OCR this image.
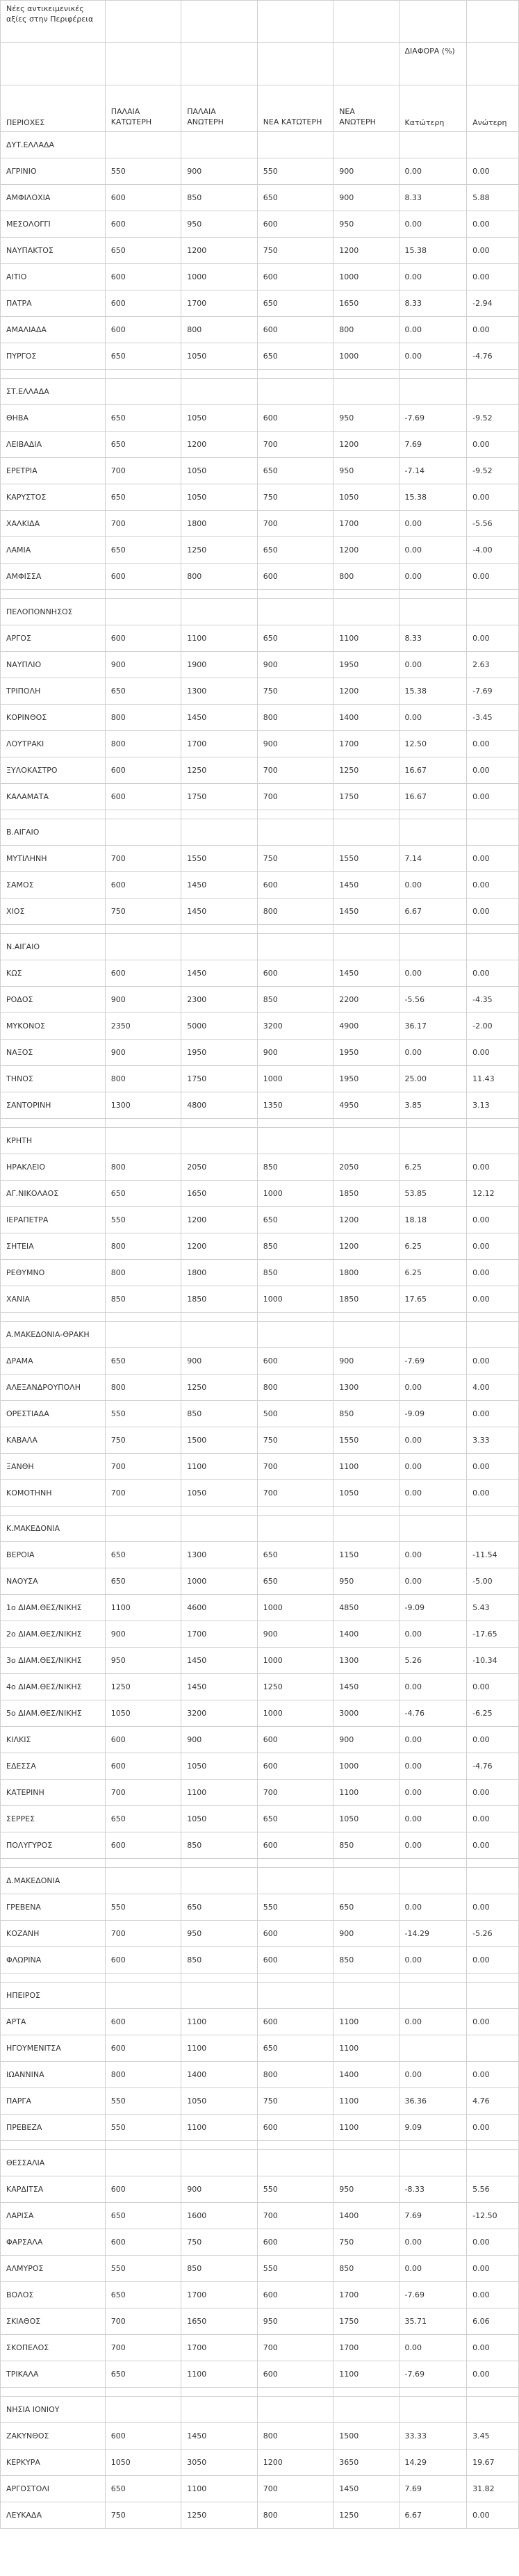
Νέες αντικειμενικές αξίες στην Περιφέρεια						
					ΔΙΑΦΟΡΑ (%)	
ΠΕΡΙΟΧΕΣ	ΠΑΛΑΙΑ ΚΑΤΩΤΕΡΗ	ΠΑΛΑΙΑ ΑΝΩΤΕΡΗ	ΝΕΑ ΚΑΤΩΤΕΡΗ	ΝΕΑ ΑΝΩΤΕΡΗ	Κατώτερη	Ανώτερη
ΔΥΤ.ΕΛΛΑΔΑ						
ΑΓΡΙΝΙΟ	550	900	550	900	0.00	0.00
ΑΜΦΙΛΟΧΙΑ	600	850	650	900	8.33	5.88
ΜΕΣΟΛΟΓΓΙ	600	950	600	950	0.00	0.00
ΝΑΥΠΑΚΤΟΣ	650	1200	750	1200	15.38	0.00
ΑΙΤΙΟ	600	1000	600	1000	0.00	0.00
ΠΑΤΡΑ	600	1700	650	1650	8.33	-2.94
ΑΜΑΛΙΑΔΑ	600	800	600	800	0.00	0.00
ΠΥΡΓΟΣ	650	1050	650	1000	0.00	-4.76

ΣΤ.ΕΛΛΑΔΑ						
ΘΗΒΑ	650	1050	600	950	-7.69	-9.52
ΛΕΙΒΑΔΙΑ	650	1200	700	1200	7.69	0.00
ΕΡΕΤΡΙΑ	700	1050	650	950	-7.14	-9.52
ΚΑΡΥΣΤΟΣ	650	1050	750	1050	15.38	0.00
ΧΑΛΚΙΔΑ	700	1800	700	1700	0.00	-5.56
ΛΑΜΙΑ	650	1250	650	1200	0.00	-4.00
ΑΜΦΙΣΣΑ	600	800	600	800	0.00	0.00

ΠΕΛΟΠΟΝΝΗΣΟΣ						
ΑΡΓΟΣ	600	1100	650	1100	8.33	0.00
ΝΑΥΠΛΙΟ	900	1900	900	1950	0.00	2.63
ΤΡΙΠΟΛΗ	650	1300	750	1200	15.38	-7.69
ΚΟΡΙΝΘΟΣ	800	1450	800	1400	0.00	-3.45
ΛΟΥΤΡΑΚΙ	800	1700	900	1700	12.50	0.00
ΞΥΛΟΚΑΣΤΡΟ	600	1250	700	1250	16.67	0.00
ΚΑΛΑΜΑΤΑ	600	1750	700	1750	16.67	0.00

Β.ΑΙΓΑΙΟ						
ΜΥΤΙΛΗΝΗ	700	1550	750	1550	7.14	0.00
ΣΑΜΟΣ	600	1450	600	1450	0.00	0.00
ΧΙΟΣ	750	1450	800	1450	6.67	0.00

Ν.ΑΙΓΑΙΟ						
ΚΩΣ	600	1450	600	1450	0.00	0.00
ΡΟΔΟΣ	900	2300	850	2200	-5.56	-4.35
ΜΥΚΟΝΟΣ	2350	5000	3200	4900	36.17	-2.00
ΝΑΞΟΣ	900	1950	900	1950	0.00	0.00
ΤΗΝΟΣ	800	1750	1000	1950	25.00	11.43
ΣΑΝΤΟΡΙΝΗ	1300	4800	1350	4950	3.85	3.13

ΚΡΗΤΗ						
ΗΡΑΚΛΕΙΟ	800	2050	850	2050	6.25	0.00
ΑΓ.ΝΙΚΟΛΑΟΣ	650	1650	1000	1850	53.85	12.12
ΙΕΡΑΠΕΤΡΑ	550	1200	650	1200	18.18	0.00
ΣΗΤΕΙΑ	800	1200	850	1200	6.25	0.00
ΡΕΘΥΜΝΟ	800	1800	850	1800	6.25	0.00
ΧΑΝΙΑ	850	1850	1000	1850	17.65	0.00

Α.ΜΑΚΕΔΟΝΙΑ-ΘΡΑΚΗ						
ΔΡΑΜΑ	650	900	600	900	-7.69	0.00
ΑΛΕΞΑΝΔΡΟΥΠΟΛΗ	800	1250	800	1300	0.00	4.00
ΟΡΕΣΤΙΑΔΑ	550	850	500	850	-9.09	0.00
ΚΑΒΑΛΑ	750	1500	750	1550	0.00	3.33
ΞΑΝΘΗ	700	1100	700	1100	0.00	0.00
ΚΟΜΟΤΗΝΗ	700	1050	700	1050	0.00	0.00

Κ.ΜΑΚΕΔΟΝΙΑ						
ΒΕΡΟΙΑ	650	1300	650	1150	0.00	-11.54
ΝΑΟΥΣΑ	650	1000	650	950	0.00	-5.00
1ο ΔΙΑΜ.ΘΕΣ/ΝΙΚΗΣ	1100	4600	1000	4850	-9.09	5.43
2ο ΔΙΑΜ.ΘΕΣ/ΝΙΚΗΣ	900	1700	900	1400	0.00	-17.65
3ο ΔΙΑΜ.ΘΕΣ/ΝΙΚΗΣ	950	1450	1000	1300	5.26	-10.34
4ο ΔΙΑΜ.ΘΕΣ/ΝΙΚΗΣ	1250	1450	1250	1450	0.00	0.00
5ο ΔΙΑΜ.ΘΕΣ/ΝΙΚΗΣ	1050	3200	1000	3000	-4.76	-6.25
ΚΙΛΚΙΣ	600	900	600	900	0.00	0.00
ΕΔΕΣΣΑ	600	1050	600	1000	0.00	-4.76
ΚΑΤΕΡΙΝΗ	700	1100	700	1100	0.00	0.00
ΣΕΡΡΕΣ	650	1050	650	1050	0.00	0.00
ΠΟΛΥΓΥΡΟΣ	600	850	600	850	0.00	0.00

Δ.ΜΑΚΕΔΟΝΙΑ						
ΓΡΕΒΕΝΑ	550	650	550	650	0.00	0.00
ΚΟΖΑΝΗ	700	950	600	900	-14.29	-5.26
ΦΛΩΡΙΝΑ	600	850	600	850	0.00	0.00

ΗΠΕΙΡΟΣ						
ΑΡΤΑ	600	1100	600	1100	0.00	0.00
ΗΓΟΥΜΕΝΙΤΣΑ	600	1100	650	1100		
ΙΩΑΝΝΙΝΑ	800	1400	800	1400	0.00	0.00
ΠΑΡΓΑ	550	1050	750	1100	36.36	4.76
ΠΡΕΒΕΖΑ	550	1100	600	1100	9.09	0.00

ΘΕΣΣΑΛΙΑ						
ΚΑΡΔΙΤΣΑ	600	900	550	950	-8.33	5.56
ΛΑΡΙΣΑ	650	1600	700	1400	7.69	-12.50
ΦΑΡΣΑΛΑ	600	750	600	750	0.00	0.00
ΑΛΜΥΡΟΣ	550	850	550	850	0.00	0.00
ΒΟΛΟΣ	650	1700	600	1700	-7.69	0.00
ΣΚΙΑΘΟΣ	700	1650	950	1750	35.71	6.06
ΣΚΟΠΕΛΟΣ	700	1700	700	1700	0.00	0.00
ΤΡΙΚΑΛΑ	650	1100	600	1100	-7.69	0.00

ΝΗΣΙΑ ΙΟΝΙΟΥ						
ΖΑΚΥΝΘΟΣ	600	1450	800	1500	33.33	3.45
ΚΕΡΚΥΡΑ	1050	3050	1200	3650	14.29	19.67
ΑΡΓΟΣΤΟΛΙ	650	1100	700	1450	7.69	31.82
ΛΕΥΚΑΔΑ	750	1250	800	1250	6.67	0.00
